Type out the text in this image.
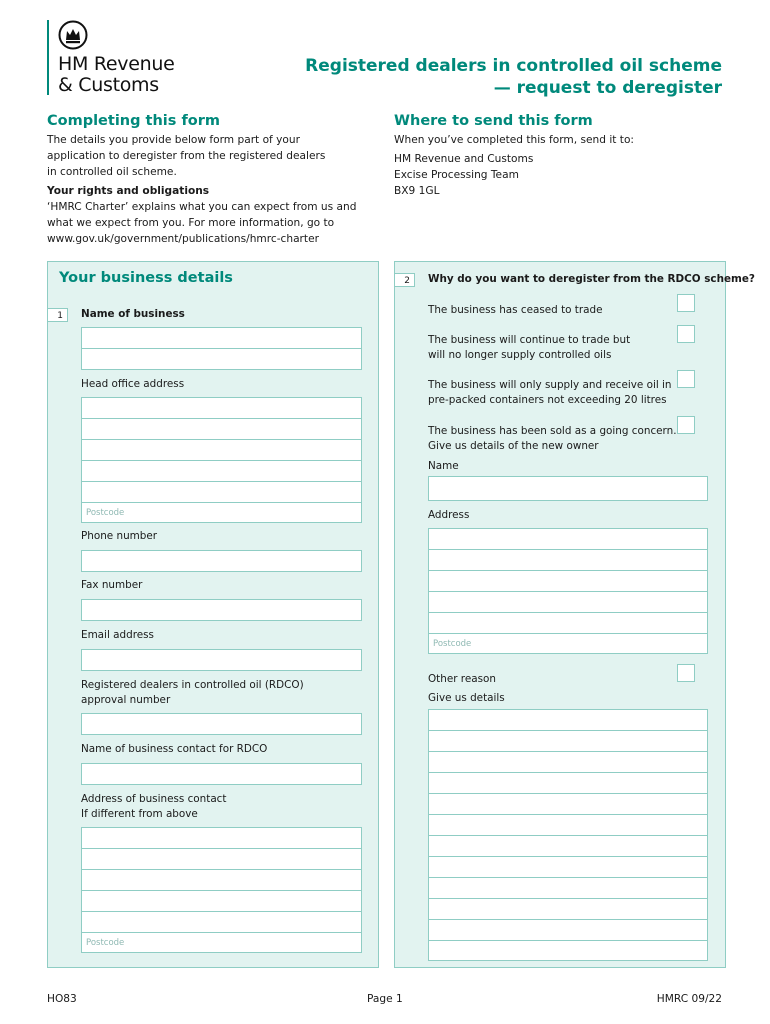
HM Revenue
& Customs
Registered dealers in controlled oil scheme
— request to deregister
Completing this form
The details you provide below form part of your
application to deregister from the registered dealers
in controlled oil scheme.
Your rights and obligations
‘HMRC Charter’ explains what you can expect from us and
what we expect from you. For more information, go to
www.gov.uk/government/publications/hmrc-charter
Where to send this form
When you’ve completed this form, send it to:
HM Revenue and Customs
Excise Processing Team
BX9 1GL
Your business details
1	Name of business
Head office address
Postcode
Phone number
Fax number
Email address
Registered dealers in controlled oil (RDCO)
approval number
Name of business contact for RDCO
Address of business contact
If different from above
Postcode
2	Why do you want to deregister from the RDCO scheme?
The business has ceased to trade
The business will continue to trade but
will no longer supply controlled oils
The business will only supply and receive oil in
pre-packed containers not exceeding 20 litres
The business has been sold as a going concern.
Give us details of the new owner
Name
Address
Postcode
Other reason
Give us details
HO83	Page 1	HMRC 09/22
